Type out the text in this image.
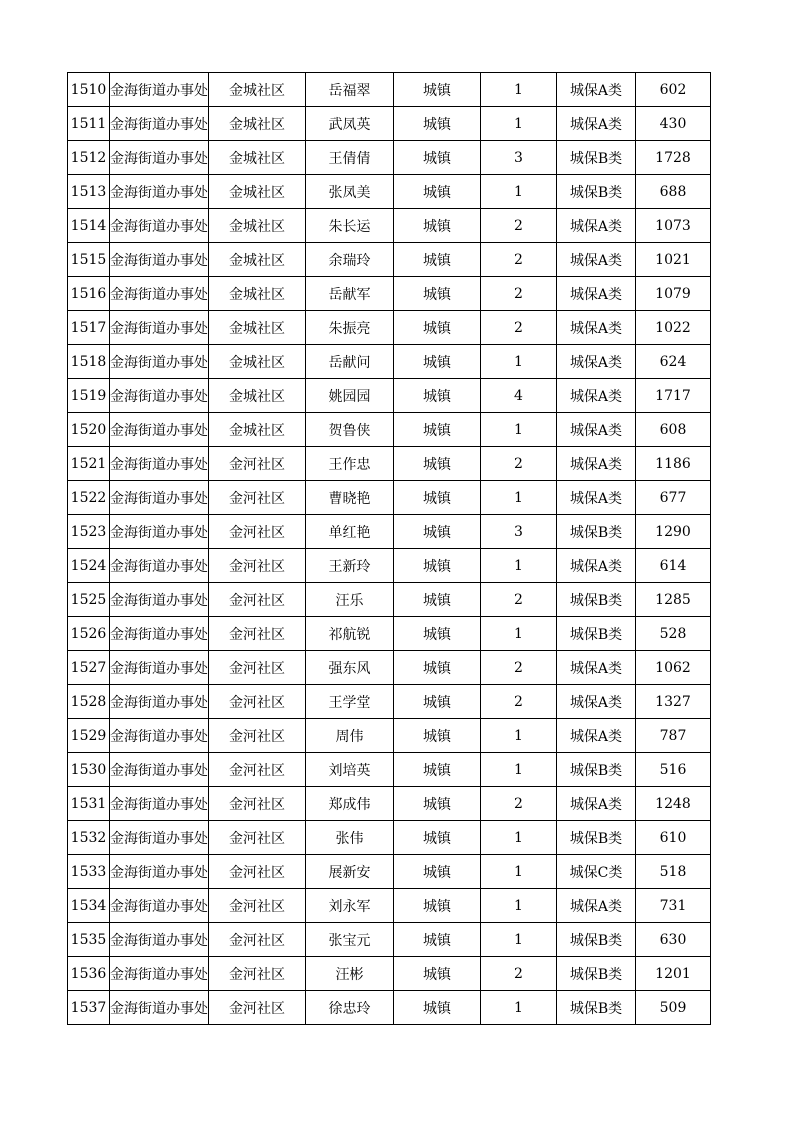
1510	金海街道办事处	金城社区	岳福翠	城镇	1	城保A类	602
1511	金海街道办事处	金城社区	武凤英	城镇	1	城保A类	430
1512	金海街道办事处	金城社区	王倩倩	城镇	3	城保B类	1728
1513	金海街道办事处	金城社区	张凤美	城镇	1	城保B类	688
1514	金海街道办事处	金城社区	朱长运	城镇	2	城保A类	1073
1515	金海街道办事处	金城社区	余瑞玲	城镇	2	城保A类	1021
1516	金海街道办事处	金城社区	岳献军	城镇	2	城保A类	1079
1517	金海街道办事处	金城社区	朱振亮	城镇	2	城保A类	1022
1518	金海街道办事处	金城社区	岳献问	城镇	1	城保A类	624
1519	金海街道办事处	金城社区	姚园园	城镇	4	城保A类	1717
1520	金海街道办事处	金城社区	贺鲁侠	城镇	1	城保A类	608
1521	金海街道办事处	金河社区	王作忠	城镇	2	城保A类	1186
1522	金海街道办事处	金河社区	曹晓艳	城镇	1	城保A类	677
1523	金海街道办事处	金河社区	单红艳	城镇	3	城保B类	1290
1524	金海街道办事处	金河社区	王新玲	城镇	1	城保A类	614
1525	金海街道办事处	金河社区	汪乐	城镇	2	城保B类	1285
1526	金海街道办事处	金河社区	祁航锐	城镇	1	城保B类	528
1527	金海街道办事处	金河社区	强东风	城镇	2	城保A类	1062
1528	金海街道办事处	金河社区	王学堂	城镇	2	城保A类	1327
1529	金海街道办事处	金河社区	周伟	城镇	1	城保A类	787
1530	金海街道办事处	金河社区	刘培英	城镇	1	城保B类	516
1531	金海街道办事处	金河社区	郑成伟	城镇	2	城保A类	1248
1532	金海街道办事处	金河社区	张伟	城镇	1	城保B类	610
1533	金海街道办事处	金河社区	展新安	城镇	1	城保C类	518
1534	金海街道办事处	金河社区	刘永军	城镇	1	城保A类	731
1535	金海街道办事处	金河社区	张宝元	城镇	1	城保B类	630
1536	金海街道办事处	金河社区	汪彬	城镇	2	城保B类	1201
1537	金海街道办事处	金河社区	徐忠玲	城镇	1	城保B类	509
